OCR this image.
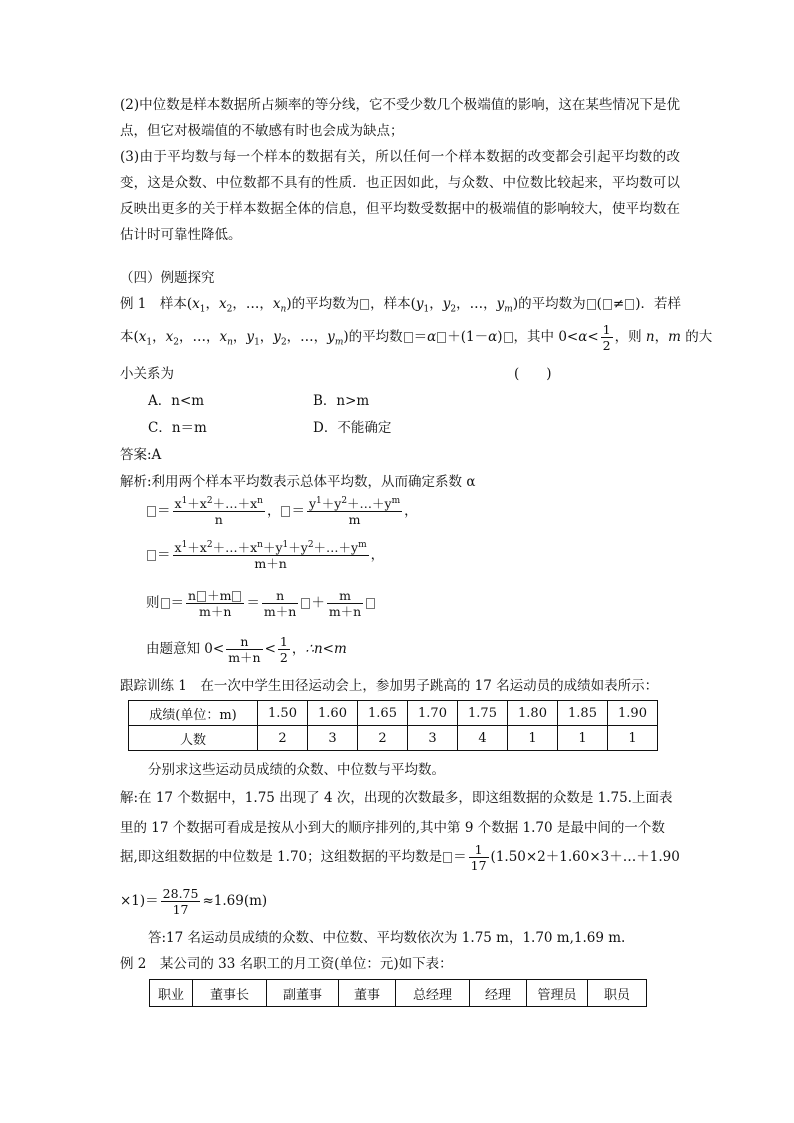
(2)中位数是样本数据所占频率的等分线，它不受少数几个极端值的影响，这在某些情况下是优点，但它对极端值的不敏感有时也会成为缺点；
(3)由于平均数与每一个样本的数据有关，所以任何一个样本数据的改变都会引起平均数的改变，这是众数、中位数都不具有的性质．也正因如此，与众数、中位数比较起来，平均数可以反映出更多的关于样本数据全体的信息，但平均数受数据中的极端值的影响较大，使平均数在估计时可靠性降低。
（四）例题探究
例 1　样本($x_1$，$x_2$，…，$x_n$)的平均数为 ，样本($y_1$，$y_2$，…，$y_m$)的平均数为 ( ≠ )．若样
本($x_1$，$x_2$，…，$x_n$，$y_1$，$y_2$，…，$y_m$)的平均数 ＝α ＋(1－α) ，其中 $0<\alpha< \frac{1}{2}$ ，则 n，m 的大
小关系为	(　　)
A．n<m	B．n>m
C．n＝m	D．不能确定
答案:A
解析:利用两个样本平均数表示总体平均数，从而确定系数 α
＝ $\frac{x^1+x^2+\dots+x^n}{n}$ ， ＝ $\frac{y^1+y^2+\dots+y^m}{m}$ ，
＝ $\frac{x^1+x^2+\dots+x^n+y^1+y^2+\dots+y^m}{m+n}$ ，
则 ＝ $\frac{n +m}{m+n} = \frac{n}{m+n} + \frac{m}{m+n}$
由题意知 $0< \frac{n}{m+n} < \frac{1}{2}$ ，∴n<m
跟踪训练 1　在一次中学生田径运动会上，参加男子跳高的 17 名运动员的成绩如表所示：
成绩(单位：m)	1.50	1.60	1.65	1.70	1.75	1.80	1.85	1.90
人数	2	3	2	3	4	1	1	1
分别求这些运动员成绩的众数、中位数与平均数。
解:在 17 个数据中，1.75 出现了 4 次，出现的次数最多，即这组数据的众数是 1.75.上面表
里的 17 个数据可看成是按从小到大的顺序排列的,其中第 9 个数据 1.70 是最中间的一个数
据,即这组数据的中位数是 1.70；这组数据的平均数是 ＝ $\frac{1}{17}$ (1.50×2＋1.60×3＋…＋1.90
$\times 1)= \frac{28.75}{17} \approx 1.69(m)$
答:17 名运动员成绩的众数、中位数、平均数依次为 1.75 m，1.70 m,1.69 m.
例 2　某公司的 33 名职工的月工资(单位：元)如下表：
职业	董事长	副董事	董事	总经理	经理	管理员	职员
